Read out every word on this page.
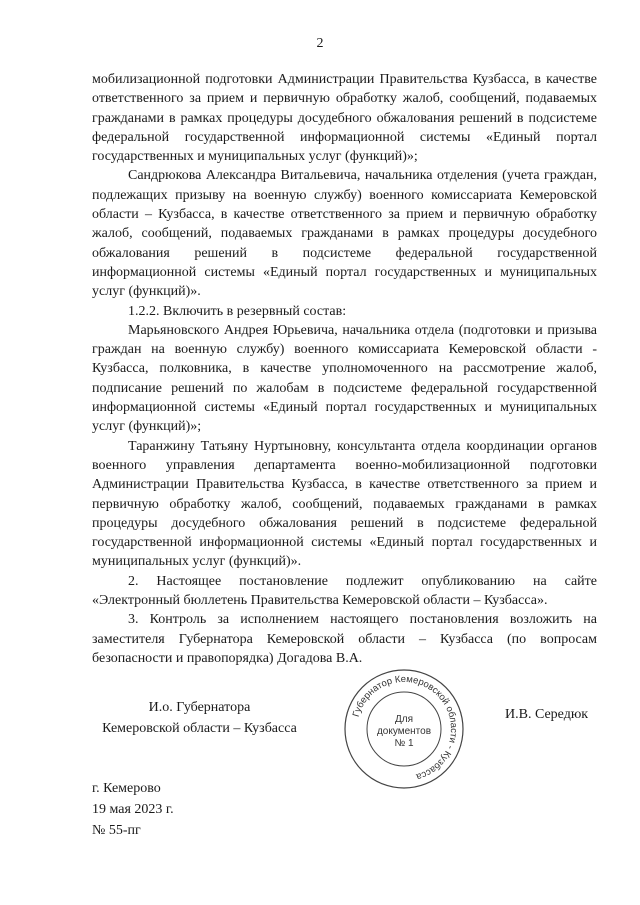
2

мобилизационной подготовки Администрации Правительства Кузбасса, в качестве ответственного за прием и первичную обработку жалоб, сообщений, подаваемых гражданами в рамках процедуры досудебного обжалования решений в подсистеме федеральной государственной информационной системы «Единый портал государственных и муниципальных услуг (функций)»;

Сандрюкова Александра Витальевича, начальника отделения (учета граждан, подлежащих призыву на военную службу) военного комиссариата Кемеровской области – Кузбасса, в качестве ответственного за прием и первичную обработку жалоб, сообщений, подаваемых гражданами в рамках процедуры досудебного обжалования решений в подсистеме федеральной государственной информационной системы «Единый портал государственных и муниципальных услуг (функций)».

1.2.2. Включить в резервный состав:

Марьяновского Андрея Юрьевича, начальника отдела (подготовки и призыва граждан на военную службу) военного комиссариата Кемеровской области - Кузбасса, полковника, в качестве уполномоченного на рассмотрение жалоб, подписание решений по жалобам в подсистеме федеральной государственной информационной системы «Единый портал государственных и муниципальных услуг (функций)»;

Таранжину Татьяну Нуртыновну, консультанта отдела координации органов военного управления департамента военно-мобилизационной подготовки Администрации Правительства Кузбасса, в качестве ответственного за прием и первичную обработку жалоб, сообщений, подаваемых гражданами в рамках процедуры досудебного обжалования решений в подсистеме федеральной государственной информационной системы «Единый портал государственных и муниципальных услуг (функций)».

2. Настоящее постановление подлежит опубликованию на сайте «Электронный бюллетень Правительства Кемеровской области – Кузбасса».

3. Контроль за исполнением настоящего постановления возложить на заместителя Губернатора Кемеровской области – Кузбасса (по вопросам безопасности и правопорядка) Догадова В.А.

И.о. Губернатора
Кемеровской области – Кузбасса
Губернатор Кемеровской области - Кузбасса
Для
документов
№ 1
И.В. Середюк
г. Кемерово
19 мая 2023 г.
№ 55-пг
